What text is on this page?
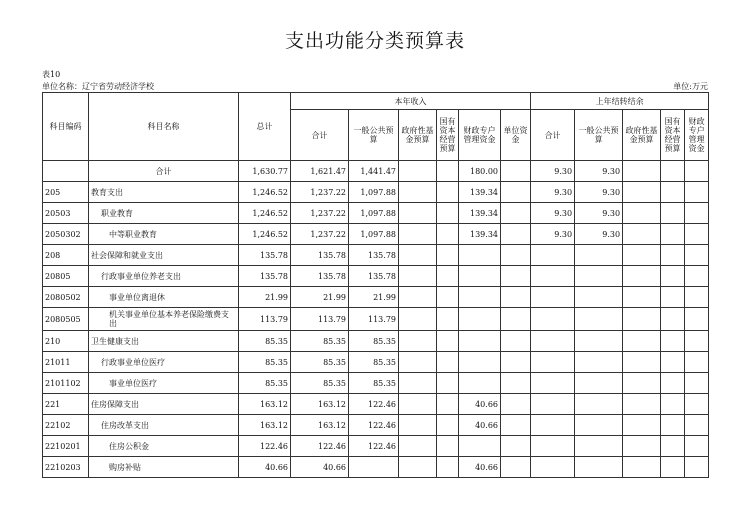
支出功能分类预算表
表10
单位名称：辽宁省劳动经济学校	单位:万元
科目编码	科目名称	总计	本年收入						上年结转结余					
			合计	一般公共预算	政府性基金预算	国有资本经营预算	财政专户管理资金	单位资金	合计	一般公共预算	政府性基金预算	国有资本经营预算	财政专户管理资金	
	合计	1,630.77	1,621.47	1,441.47			180.00		9.30	9.30				
205	教育支出	1,246.52	1,237.22	1,097.88			139.34		9.30	9.30				
20503	职业教育	1,246.52	1,237.22	1,097.88			139.34		9.30	9.30				
2050302	中等职业教育	1,246.52	1,237.22	1,097.88			139.34		9.30	9.30				
208	社会保障和就业支出	135.78	135.78	135.78										
20805	行政事业单位养老支出	135.78	135.78	135.78										
2080502	事业单位离退休	21.99	21.99	21.99										
2080505	机关事业单位基本养老保险缴费支出	113.79	113.79	113.79										
210	卫生健康支出	85.35	85.35	85.35										
21011	行政事业单位医疗	85.35	85.35	85.35										
2101102	事业单位医疗	85.35	85.35	85.35										
221	住房保障支出	163.12	163.12	122.46			40.66							
22102	住房改革支出	163.12	163.12	122.46			40.66							
2210201	住房公积金	122.46	122.46	122.46										
2210203	购房补贴	40.66	40.66				40.66							
